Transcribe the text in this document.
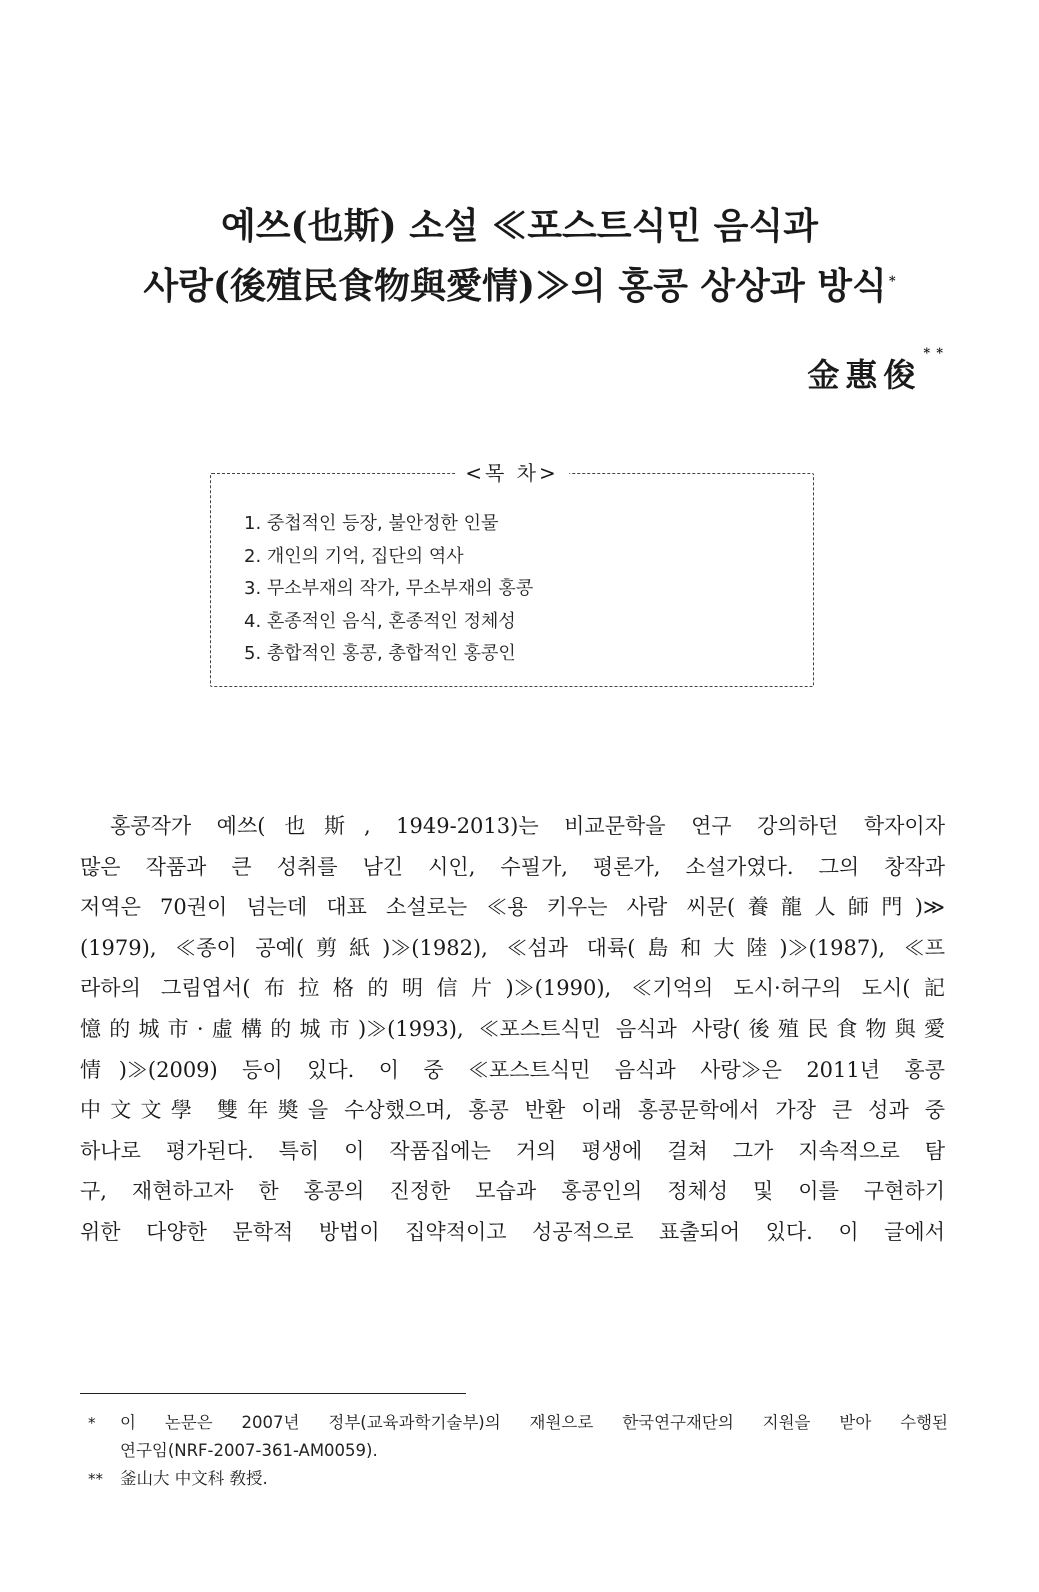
예쓰(也斯) 소설 ≪포스트식민 음식과
사랑(後殖民食物與愛情)≫의 홍콩 상상과 방식 *
金惠俊**
<목 차>
1. 중첩적인 등장, 불안정한 인물
2. 개인의 기억, 집단의 역사
3. 무소부재의 작가, 무소부재의 홍콩
4. 혼종적인 음식, 혼종적인 정체성
5. 총합적인 홍콩, 총합적인 홍콩인
홍콩작가 예쓰(也斯, 1949-2013)는 비교문학을 연구 강의하던 학자이자
많은 작품과 큰 성취를 남긴 시인, 수필가, 평론가, 소설가였다. 그의 창작과
저역은 70권이 넘는데 대표 소설로는 ≪용 키우는 사람 씨문(養龍人師門)≫
(1979), ≪종이 공예(剪紙)≫(1982), ≪섬과 대륙(島和大陸)≫(1987), ≪프
라하의 그림엽서(布拉格的明信片)≫(1990), ≪기억의 도시·허구의 도시(記
憶的城市·虛構的城市)≫(1993), ≪포스트식민 음식과 사랑(後殖民食物與愛
情)≫(2009) 등이 있다. 이 중 ≪포스트식민 음식과 사랑≫은 2011년 홍콩
中文文學 雙年奬을 수상했으며, 홍콩 반환 이래 홍콩문학에서 가장 큰 성과 중
하나로 평가된다. 특히 이 작품집에는 거의 평생에 걸쳐 그가 지속적으로 탐
구, 재현하고자 한 홍콩의 진정한 모습과 홍콩인의 정체성 및 이를 구현하기
위한 다양한 문학적 방법이 집약적이고 성공적으로 표출되어 있다. 이 글에서
*	이 논문은 2007년 정부(교육과학기술부)의 재원으로 한국연구재단의 지원을 받아 수행된
연구임(NRF-2007-361-AM0059).
**	釜山大 中文科 敎授.
